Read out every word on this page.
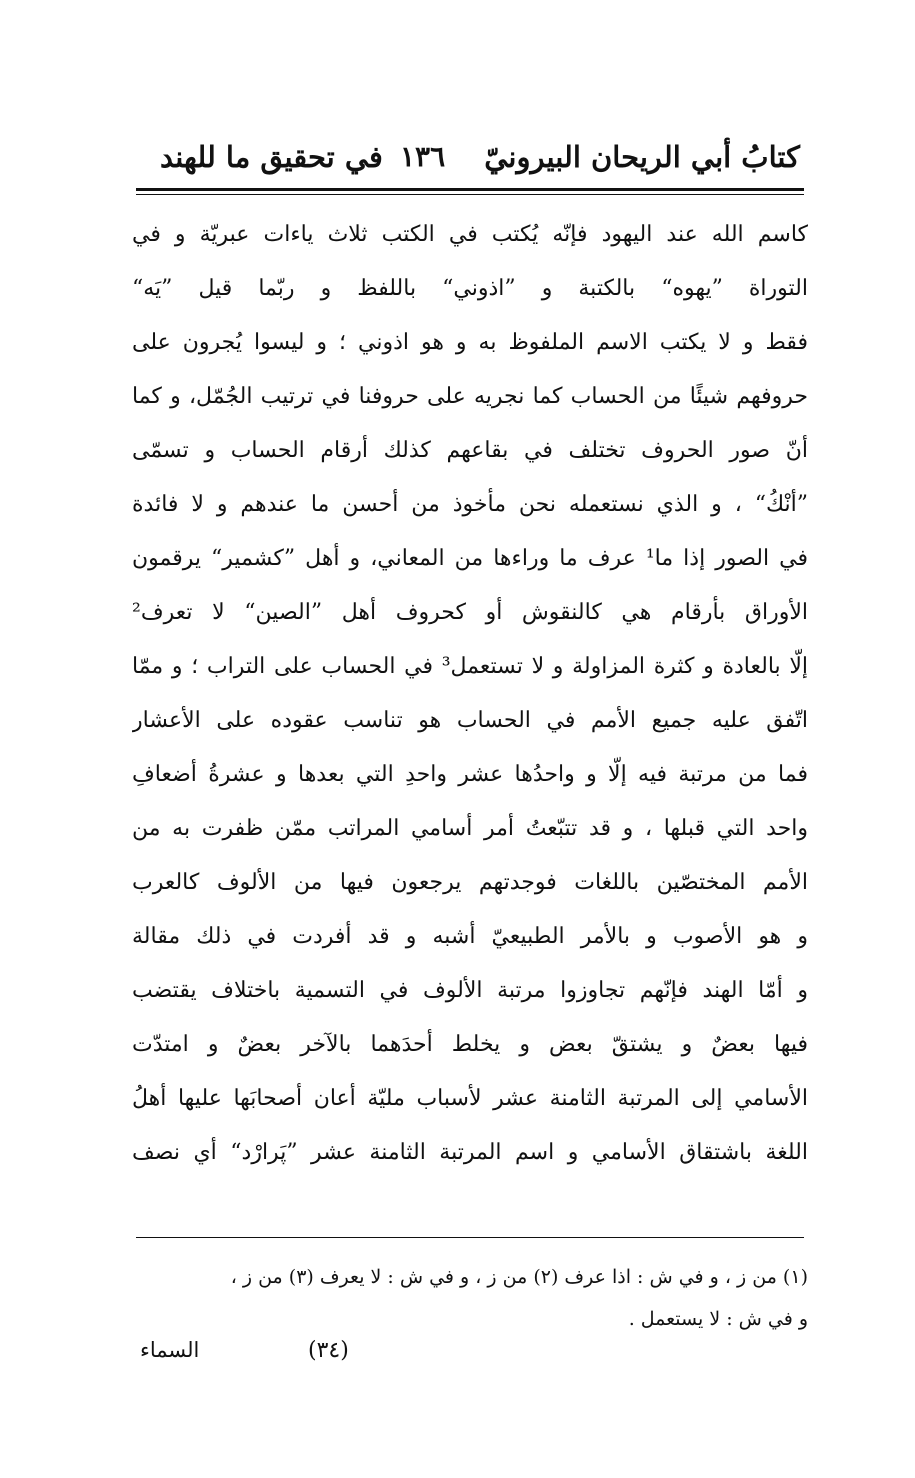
كتابُ أبي الريحان البيرونيّ
١٣٦
في تحقيق ما للهند
كاسم الله عند اليهود فإنّه يُكتب في الكتب ثلاث ياءات عبريّة و في
التوراة ”يهوه“ بالكتبة و ”اذوني“ باللفظ و ربّما قيل ”يَه“
فقط و لا يكتب الاسم الملفوظ به و هو اذوني ؛ و ليسوا يُجرون على
حروفهم شيئًا من الحساب كما نجريه على حروفنا في ترتيب الجُمّل، و كما
أنّ صور الحروف تختلف في بقاعهم كذلك أرقام الحساب و تسمّى
”أنْكُ“ ، و الذي نستعمله نحن مأخوذ من أحسن ما عندهم و لا فائدة
في الصور إذا ما¹ عرف ما وراءها من المعاني، و أهل ”كشمير“ يرقمون
الأوراق بأرقام هي كالنقوش أو كحروف أهل ”الصين“ لا تعرف²
إلّا بالعادة و كثرة المزاولة و لا تستعمل³ في الحساب على التراب ؛ و ممّا
اتّفق عليه جميع الأمم في الحساب هو تناسب عقوده على الأعشار
فما من مرتبة فيه إلّا و واحدُها عشر واحدِ التي بعدها و عشرةُ أضعافِ
واحد التي قبلها ، و قد تتبّعتُ أمر أسامي المراتب ممّن ظفرت به من
الأمم المختصّين باللغات فوجدتهم يرجعون فيها من الألوف كالعرب
و هو الأصوب و بالأمر الطبيعيّ أشبه و قد أفردت في ذلك مقالة
و أمّا الهند فإنّهم تجاوزوا مرتبة الألوف في التسمية باختلاف يقتضب
فيها بعضٌ و يشتقّ بعض و يخلط أحدَهما بالآخر بعضٌ و امتدّت
الأسامي إلى المرتبة الثامنة عشر لأسباب مليّة أعان أصحابَها عليها أهلُ
اللغة باشتقاق الأسامي و اسم المرتبة الثامنة عشر ”پَرارْد“ أي نصف
(١) من ز ، و في ش : اذا عرف (٢) من ز ، و في ش : لا يعرف (٣) من ز ،
و في ش : لا يستعمل .
(٣٤)
السماء
